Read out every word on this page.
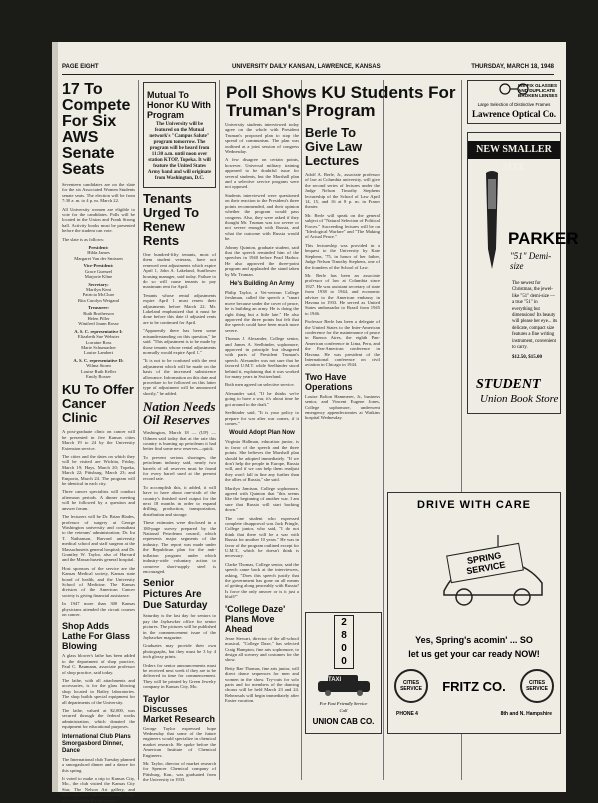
PAGE EIGHT	UNIVERSITY DAILY KANSAN, LAWRENCE, KANSAS	THURSDAY, MARCH 18, 1948
17 To Compete For Six AWS Senate Seats
Seventeen candidates are on the slate for the six Associated Women Students senate seats. The election will be from 7:30 a. m. to 4 p. m. March 22.
All University women are eligible to vote for the candidates. Polls will be located in the Union and Frank Strong hall. Activity books must be presented before the student can vote.
The slate is as follows:
President:
Hilda James
Margaret Van der Smissen
Vice-President:
Grace Guenzel
Marjorie Kline
Secretary:
Marilyn Kent
Patricia McClure
Rita Carolyn Weigand
Treasurer:
Ruth Brotherson
Helen Piller
Winifred Joann Rosse
A. S. C. representative I:
Elizabeth Sue Webster
Lorraine Ross
Marie Schumacher
Louise Lambert
A. S. C. representative II:
Wilma Storm
Louise Ruth Keller
Emily Rosser
KU To Offer Cancer Clinic
A post-graduate clinic on cancer will be presented in five Kansas cities March 19 to 24 by the University Extension service.
The cities and the dates on which they will be visited are Wichita, Friday, March 19; Hays, March 20; Topeka, March 22; Pittsburg, March 23; and Emporia, March 24. The program will be identical in each city.
Three cancer specialists will conduct afternoon periods. A dinner meeting will be followed by a question and answer forum.
The lecturers will be Dr. Brian Blades, professor of surgery at George Washington university and consultant to the veterans' administration; Dr. Ira T. Nathanson, Harvard university medical school and staff surgeon at the Massachusetts general hospital; and Dr. Grantley W. Taylor, also of Harvard and the Massachusetts general hospital.
Host sponsors of the service are the Kansas Medical society, Kansas state board of health, and the University School of Medicine. The Kansas division of the American Cancer society is giving financial assistance.
In 1947 more than 300 Kansas physicians attended the circuit courses on cancer.
Shop Adds Lathe For Glass Blowing
A glass blower's lathe has been added to the department of shop practice, Paul C. Baumann, associate professor of shop practice, said today.
The lathe, with all attachments and accessories, is for the glass blowing shop located in Bailey laboratories. The shop builds special equipment for all departments of the University.
The lathe, valued at $2,000, was secured through the federal works administration, which donated the equipment for educational purposes.
International Club Plans Smorgasbord Dinner, Dance
The International club Tuesday planned a smorgasbord dinner and a dance for this spring.
It voted to make a trip to Kansas City, Mo., the club visited the Kansas City Star, The Nelson Art gallery, and Mexican and Chinese restaurants. They also attended a British movie.
Mutual To Honor KU With Program
The University will be featured on the Mutual network's "Campus Salute" program tomorrow. The program will be heard from 11:30 a.m. until noon over station KTOP, Topeka. It will feature the United States Army band and will originate from Washington, D.C.
Tenants Urged To Renew Rents
One hundred-fifty tenants, most of them student veterans, have not renewed rent adjustments which expire April 1, John A. Lakeland, Sunflower housing manager, said today. Failure to do so will cause tenants to pay maximum rent for April.
Tenants whose rental adjustments expire April 1 must renew their adjustments before March 22. Mr. Lakeland emphasized that it must be done before this date if adjusted rents are to be continued for April.
"Apparently there has been some misunderstanding on this question," he said. "This adjustment is to be made by those tenants whose rental adjustments normally would expire April 1."
"It is not to be confused with the rent adjustment which will be made on the basis of the increased subsistence allowance. Information on this date and procedure to be followed on this latter type of adjustment will be announced shortly," he added.
Nation Needs Oil Reserves
Washington, March 18 — (UP) — Oilmen said today that at the rate this country is burning up petroleum it had better find some new reserves—quick.
To prevent serious shortages, the petroleum industry said, nearly two barrels of oil reserves must be found for every barrel used at the present record rate.
To accomplish this, it added, it will have to have about one-sixth of the country's finished steel output for the next 18 months in order to expand drilling, production, transportation, distribution and storage.
These estimates were disclosed in a 180-page survey prepared by the National Petroleum council, which represents major segments of the industry. The report was made under the Republican plan for the anti-inflation program under which industry-wide voluntary action to conserve short-supply steel is encouraged.
Senior Pictures Are Due Saturday
Saturday is the last day for seniors to pay the Jayhawker office for senior pictures. The pictures will be published in the commencement issue of the Jayhawker magazine.
Graduates may provide their own photographs, but they must be 3 by 4 inch glossy prints.
Orders for senior announcements must be received next week if they are to be delivered in time for commencement. They will be printed by Green Jewelry company in Kansas City, Mo.
Taylor Discusses Market Research
George Taylor expressed hope Wednesday that some of the future engineers would specialize in chemical market research. He spoke before the American Institute of Chemical Engineers.
Mr. Taylor, director of market research for Spencer Chemical company of Pittsburg, Kan., was graduated from the University in 1933.
Poll Shows KU Students For Truman's Program
University students interviewed today agree on the whole with President Truman's proposed plan to stop the spread of communism. The plan was outlined at a joint session of congress Wednesday.
A few disagree on certain points, however. Universal military training appeared to be doubtful issue for several students, but the Marshall plan and a selective service program were not opposed.
Students interviewed were questioned on their reaction to the President's three points recommended, and their opinion whether the program would pass congress. Also, they were asked if they thought Mr. Truman was too severe or not severe enough with Russia, and what the outcome with Russia would be.
Johnny Quinton, graduate student, said that the speech reminded him of the speeches in 1940 before Pearl Harbor. He also approved the three-point program and applauded the stand taken by Mr. Truman.
He's Building An Army
Philip Taylor, a Vet-veteran College freshman, called the speech a "smart move because under the cover of peace, he is building an army. He is doing the right thing but a little late." He also approved the three points but felt that the speech could have been much more severe.
Thomas J. Alexander, College senior, and James A. Seelbinder, sophomore, approved in principle but disagreed with parts of President Truman's speech. Alexander was not sure that he favored U.M.T. while Seelbinder stood behind it, explaining that it was worked for many years in Switzerland.
Both men agreed on selective service.
Alexander said, "If he thinks we're going to have a war, it's about time he got around to the draft."
Seelbinder said, "It is your policy to prepare for war after war comes, if it comes."
Would Adopt Plan Now
Virginia Hallman, education junior, is in favor of the speech and the three points. She believes the Marshall plan should be adopted immediately. "If we don't help the people in Europe, Russia will, and if we can help them readjust they won't fall in line any further than the allies of Russia," she said.
Marilyn Jamison, College sophomore, agreed with Quinton that "this seems like the beginning of another war. I am sure that Russia will start backing down."
The one student who expressed complete disapproval was Jack Pringle, College junior, who said, "I do not think that there will be a war with Russia for another 10 years." He was in favor of the program outlined except for U.M.T., which he doesn't think is necessary.
Clarke Thomas, College senior, said the speech came back at the interviewers, asking, "Does this speech justify that the government has gone on all means of getting along peaceably with Russia? Is force the only answer or is it just a bluff?"
'College Daze' Plans Move Ahead
Jesse Stewart, director of the all-school musical, "College Daze," has selected Craig Hampton, fine arts sophomore, to design all scenery and costumes for the show.
Betty Rae Thomas, fine arts junior, will direct dance sequences for men and women in the show. Try-outs for solo parts and for members of the dancing chorus will be held March 23 and 24. Rehearsals will begin immediately after Easter vacation.
Berle To Give Law Lectures
Adolf A. Berle, Jr., associate professor of law at Columbia university, will give the second series of lectures under the Judge Nelson Timothy Stephens lectureship of the School of Law April 14, 15, and 16 at 8 p. m. in Fraser theater.
Mr. Berle will speak on the general subject of "Natural Selection of Political Forces." Succeeding lectures will be on "Ideological Warfare" and "The Making of Actual Peace."
This lectureship was provided in a bequest to the University by Kate Stephens, '75, in honor of her father, Judge Nelson Timothy Stephens, one of the founders of the School of Law.
Mr. Berle has been an associate professor of law at Columbia since 1927. He was assistant secretary of state from 1938 to 1944, and economic adviser to the American embassy in Havana in 1933. He served as United States ambassador to Brazil from 1945 to 1946.
Professor Berle has been a delegate of the United States to the Inter-American conference for the maintenance of peace in Buenos Aires, the eighth Pan-American conference in Lima, Peru, and the Pan-American conference in Havana. He was president of the International conference on civil aviation in Chicago in 1944.
Two Have Operations
Louise Bolton Hammerer, Jr., business senior, and Vincent Eugene Jones, College sophomore, underwent emergency appendectomies at Watkins hospital Wednesday.
WE FIX GLASSES
AND DUPLICATE
BROKEN LENSES
Large Selection of Distinctive Frames
Lawrence Optical Co.
NEW SMALLER SIZE
PARKER
"51" Demi-size
The newest for Christmas, the jewel-like "51" demi-size — a true "51" in everything but dimensions! Its beauty will please her eye... its delicate, compact size features a fine writing instrument, convenient to carry.
$12.50, $15.00
STUDENT
Union Book Store
2 8 0 0
TAXI
For Fast Friendly Service
Call
UNION CAB CO.
DRIVE WITH CARE
SPRING SERVICE
Yes, Spring's acomin' ... SO
let us get your car ready NOW!
CITIES SERVICE
CITIES SERVICE
FRITZ CO.
PHONE 4	8th and N. Hampshire
